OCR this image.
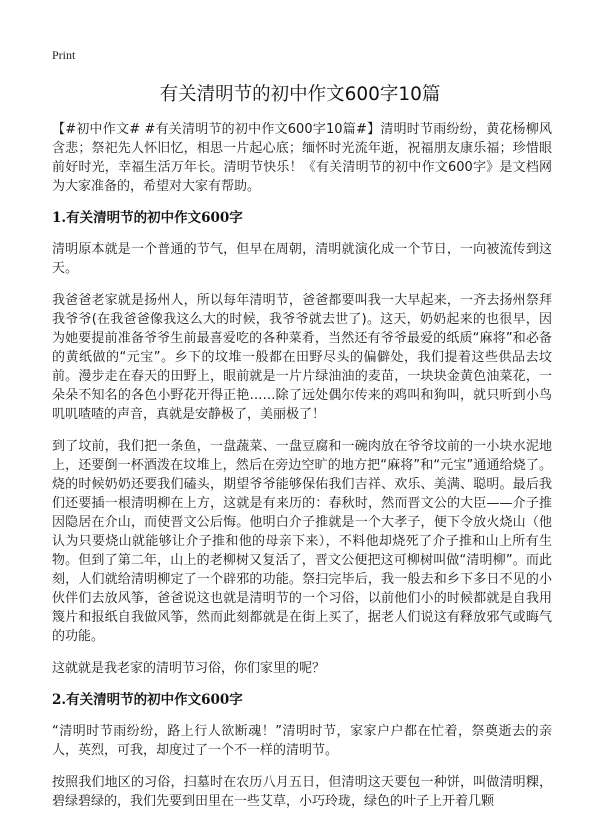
Print
有关清明节的初中作文600字10篇

【#初中作文# #有关清明节的初中作文600字10篇#】清明时节雨纷纷，黄花杨柳风含悲；祭祀先人怀旧忆，相思一片起心底；缅怀时光流年逝，祝福朋友康乐福；珍惜眼前好时光，幸福生活万年长。清明节快乐！《有关清明节的初中作文600字》是文档网为大家准备的，希望对大家有帮助。

1.有关清明节的初中作文600字

清明原本就是一个普通的节气，但早在周朝，清明就演化成一个节日，一向被流传到这天。

我爸爸老家就是扬州人，所以每年清明节，爸爸都要叫我一大早起来，一齐去扬州祭拜我爷爷(在我爸爸像我这么大的时候，我爷爷就去世了)。这天，奶奶起来的也很早，因为她要提前准备爷爷生前最喜爱吃的各种菜肴，当然还有爷爷最爱的纸质“麻将”和必备的黄纸做的“元宝”。乡下的坟堆一般都在田野尽头的偏僻处，我们提着这些供品去坟前。漫步走在春天的田野上，眼前就是一片片绿油油的麦苗，一块块金黄色油菜花，一朵朵不知名的各色小野花开得正艳……除了远处偶尔传来的鸡叫和狗叫，就只听到小鸟叽叽喳喳的声音，真就是安静极了，美丽极了！

到了坟前，我们把一条鱼，一盘蔬菜、一盘豆腐和一碗肉放在爷爷坟前的一小块水泥地上，还要倒一杯酒泼在坟堆上，然后在旁边空旷的地方把“麻将”和“元宝”通通给烧了。烧的时候奶奶还要我们磕头，期望爷爷能够保佑我们吉祥、欢乐、美满、聪明。最后我们还要插一根清明柳在上方，这就是有来历的：春秋时，然而晋文公的大臣——介子推因隐居在介山，而使晋文公后悔。他明白介子推就是一个大孝子，便下令放火烧山（他认为只要烧山就能够让介子推和他的母亲下来），不料他却烧死了介子推和山上所有生物。但到了第二年，山上的老柳树又复活了，晋文公便把这可柳树叫做“清明柳”。而此刻，人们就给清明柳定了一个辟邪的功能。祭扫完毕后，我一般去和乡下多日不见的小伙伴们去放风筝，爸爸说这也就是清明节的一个习俗，以前他们小的时候都就是自我用篾片和报纸自我做风筝，然而此刻都就是在街上买了，据老人们说这有释放邪气或晦气的功能。

这就就是我老家的清明节习俗，你们家里的呢？

2.有关清明节的初中作文600字

“清明时节雨纷纷，路上行人欲断魂！”清明时节，家家户户都在忙着，祭奠逝去的亲人，英烈，可我，却度过了一个不一样的清明节。

按照我们地区的习俗，扫墓时在农历八月五日，但清明这天要包一种饼，叫做清明粿，碧绿碧绿的，我们先要到田里在一些艾草，小巧玲珑，绿色的叶子上开着几颗
